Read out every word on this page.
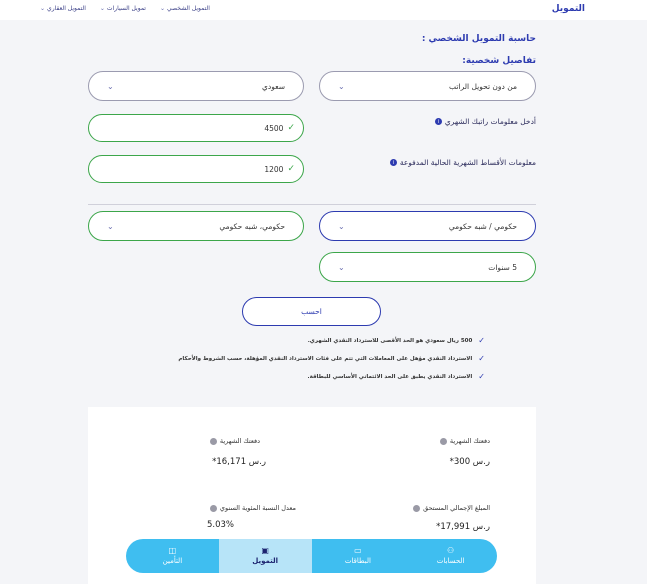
التمويل
التمويل الشخصي
⌄
تمويل السيارات
⌄
التمويل العقاري
⌄
حاسبة التمويل الشخصي :
تفاصيل شخصية:
من دون تحويل الراتب
⌄
سعودي
⌄
أدخل معلومات راتبك الشهري
i
4500 ✓
معلومات الأقساط الشهرية الحالية المدفوعة
i
1200 ✓
حكومي / شبه حكومي
⌄
حكومي، شبه حكومي
⌄
5 سنوات
⌄
احسب
✓
500 ريال سعودي هو الحد الأقصى للاسترداد النقدي الشهري.
✓
الاسترداد النقدي مؤهل على المعاملات التي تتم على فئات الاسترداد النقدي المؤهلة، حسب الشروط والأحكام
✓
الاسترداد النقدي يطبق على الحد الائتماني الأساسي للبطاقة.
دفعتك الشهرية
ر.س 300*
دفعتك الشهرية
ر.س 16,171*
المبلغ الإجمالي المستحق
ر.س 17,991*
معدل النسبة المئوية السنوي
5.03%
⚇
الحسابات
▭
البطاقات
▣
التمويل
◫
التأمين
